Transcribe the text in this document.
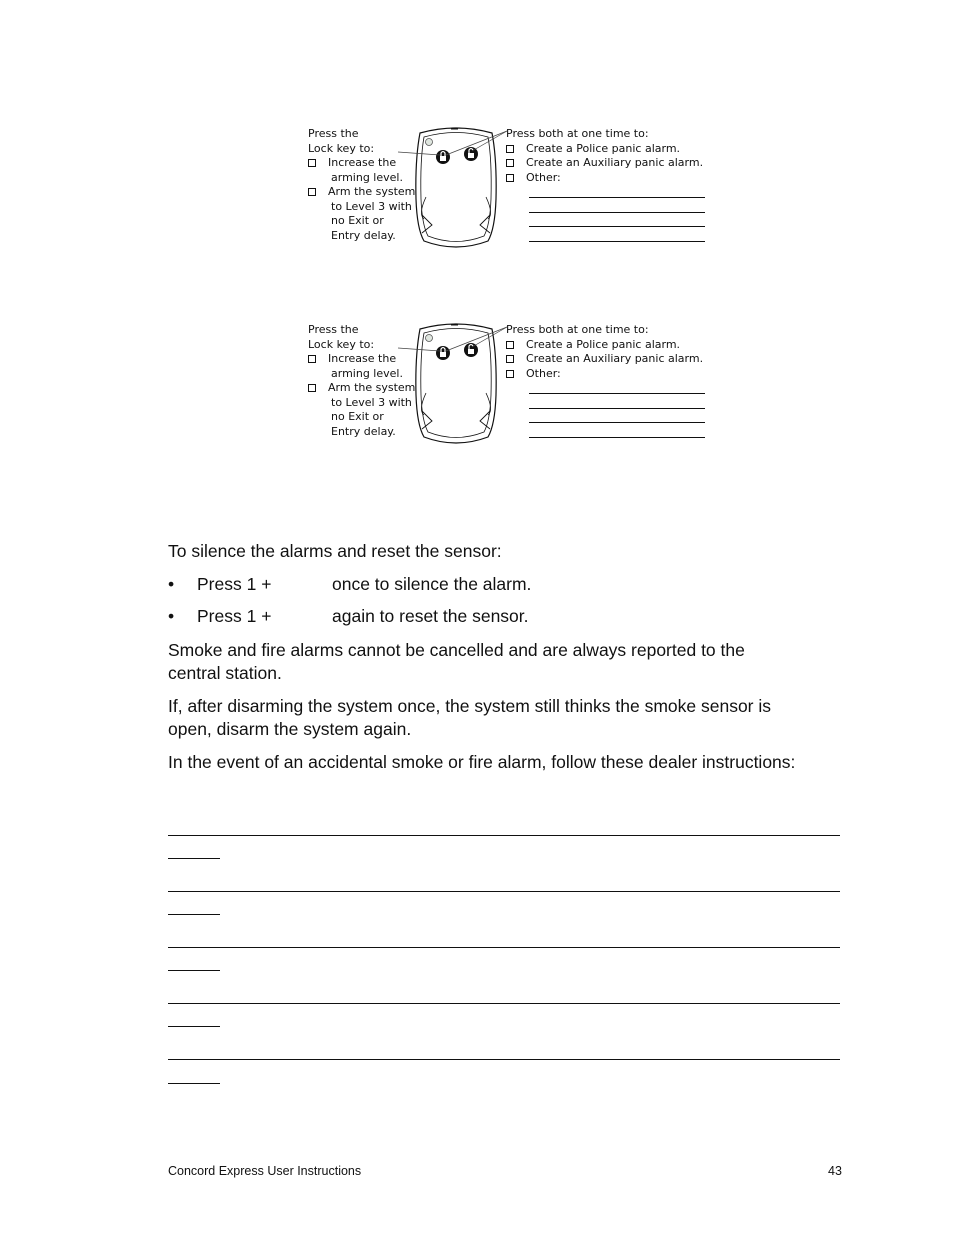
Press the
Lock key to:
Increase the
arming level.
Arm the system
to Level 3 with
no Exit or
Entry delay.
Press both at one time to:
Create a Police panic alarm.
Create an Auxiliary panic alarm.
Other:
Press the
Lock key to:
Increase the
arming level.
Arm the system
to Level 3 with
no Exit or
Entry delay.
Press both at one time to:
Create a Police panic alarm.
Create an Auxiliary panic alarm.
Other:
To silence the alarms and reset the sensor:
• Press 1 +	once to silence the alarm.
• Press 1 +	again to reset the sensor.
Smoke and fire alarms cannot be cancelled and are always reported to the
central station.
If, after disarming the system once, the system still thinks the smoke sensor is
open, disarm the system again.
In the event of an accidental smoke or fire alarm, follow these dealer instructions:
Concord Express User Instructions	43
